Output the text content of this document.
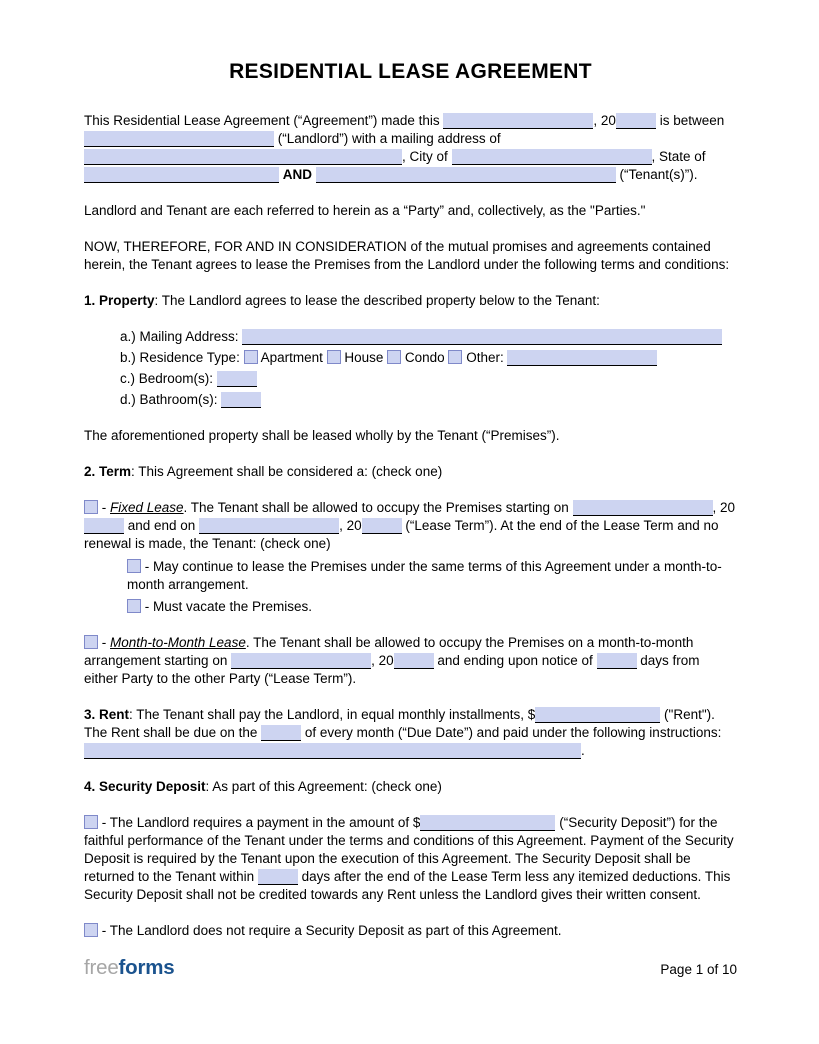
RESIDENTIAL LEASE AGREEMENT
This Residential Lease Agreement (“Agreement”) made this	, 20	is between  (“Landlord”) with a mailing address of , City of	, State of  AND	(“Tenant(s)”).
Landlord and Tenant are each referred to herein as a “Party” and, collectively, as the "Parties."
NOW, THEREFORE, FOR AND IN CONSIDERATION of the mutual promises and agreements contained herein, the Tenant agrees to lease the Premises from the Landlord under the following terms and conditions:
1. Property: The Landlord agrees to lease the described property below to the Tenant:
a.) Mailing Address:
b.) Residence Type:  Apartment  House  Condo  Other:
c.) Bedroom(s):
d.) Bathroom(s):
The aforementioned property shall be leased wholly by the Tenant (“Premises”).
2. Term: This Agreement shall be considered a: (check one)
- Fixed Lease. The Tenant shall be allowed to occupy the Premises starting on	, 20 and end on	, 20	(“Lease Term”). At the end of the Lease Term and no renewal is made, the Tenant: (check one)
- May continue to lease the Premises under the same terms of this Agreement under a month-to-month arrangement.
- Must vacate the Premises.
- Month-to-Month Lease. The Tenant shall be allowed to occupy the Premises on a month-to-month arrangement starting on	, 20	and ending upon notice of	days from either Party to the other Party (“Lease Term”).
3. Rent: The Tenant shall pay the Landlord, in equal monthly installments, $	("Rent"). The Rent shall be due on the	of every month (“Due Date”) and paid under the following instructions: .
4. Security Deposit: As part of this Agreement: (check one)
- The Landlord requires a payment in the amount of $	(“Security Deposit”) for the faithful performance of the Tenant under the terms and conditions of this Agreement. Payment of the Security Deposit is required by the Tenant upon the execution of this Agreement. The Security Deposit shall be returned to the Tenant within	days after the end of the Lease Term less any itemized deductions. This Security Deposit shall not be credited towards any Rent unless the Landlord gives their written consent.
- The Landlord does not require a Security Deposit as part of this Agreement.
freeforms	Page 1 of 10
